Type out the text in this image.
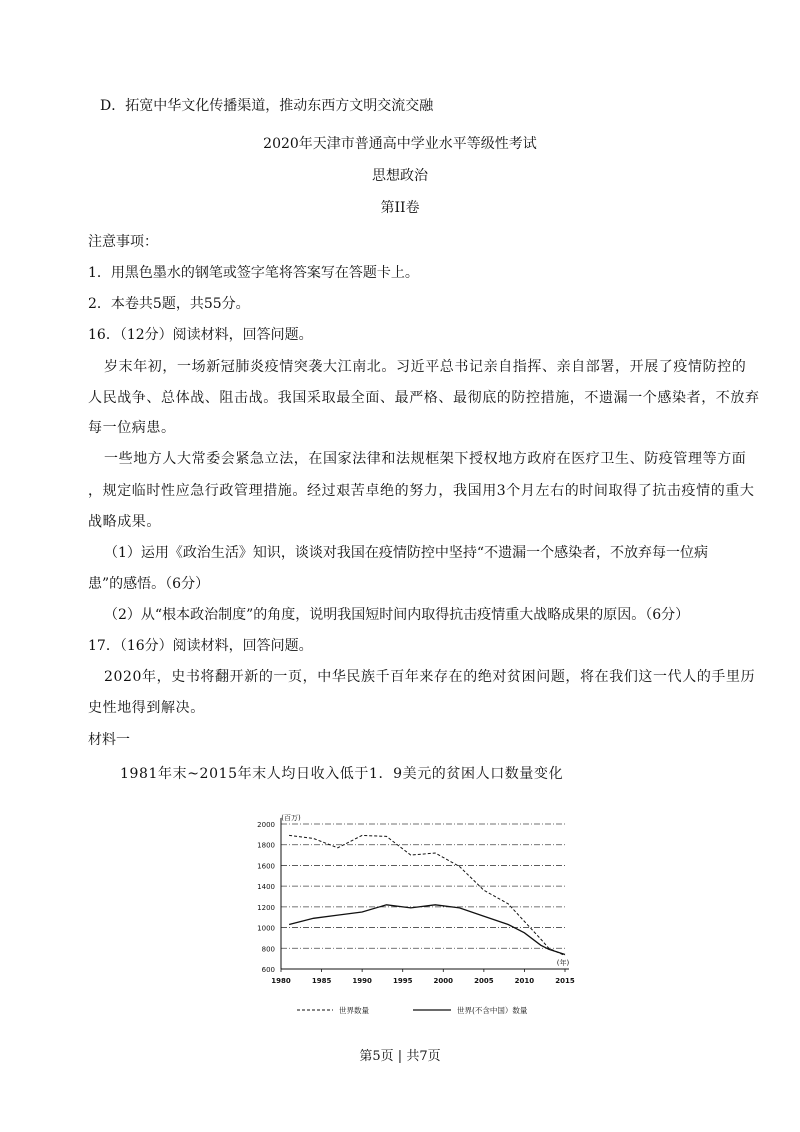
D．拓宽中华文化传播渠道，推动东西方文明交流交融
2020年天津市普通高中学业水平等级性考试
思想政治
第II卷
注意事项：
1．用黑色墨水的钢笔或签字笔将答案写在答题卡上。
2．本卷共5题，共55分。
16．（12分）阅读材料，回答问题。
岁末年初，一场新冠肺炎疫情突袭大江南北。习近平总书记亲自指挥、亲自部署，开展了疫情防控的
人民战争、总体战、阻击战。我国采取最全面、最严格、最彻底的防控措施，不遗漏一个感染者，不放弃
每一位病患。
一些地方人大常委会紧急立法，在国家法律和法规框架下授权地方政府在医疗卫生、防疫管理等方面
，规定临时性应急行政管理措施。经过艰苦卓绝的努力，我国用3个月左右的时间取得了抗击疫情的重大
战略成果。
（1）运用《政治生活》知识，谈谈对我国在疫情防控中坚持“不遗漏一个感染者，不放弃每一位病
患”的感悟。（6分）
（2）从“根本政治制度”的角度，说明我国短时间内取得抗击疫情重大战略成果的原因。（6分）
17．（16分）阅读材料，回答问题。
2020年，史书将翻开新的一页，中华民族千百年来存在的绝对贫困问题，将在我们这一代人的手里历
史性地得到解决。
材料一
1981年末~2015年末人均日收入低于1．9美元的贫困人口数量变化
600
800
1000
1200
1400
1600
1800
2000
1980	1985	1990	1995	2000	2005	2010	2015
(百万)
(年)
世界数量	世界(不含中国）数量
第5页 | 共7页
